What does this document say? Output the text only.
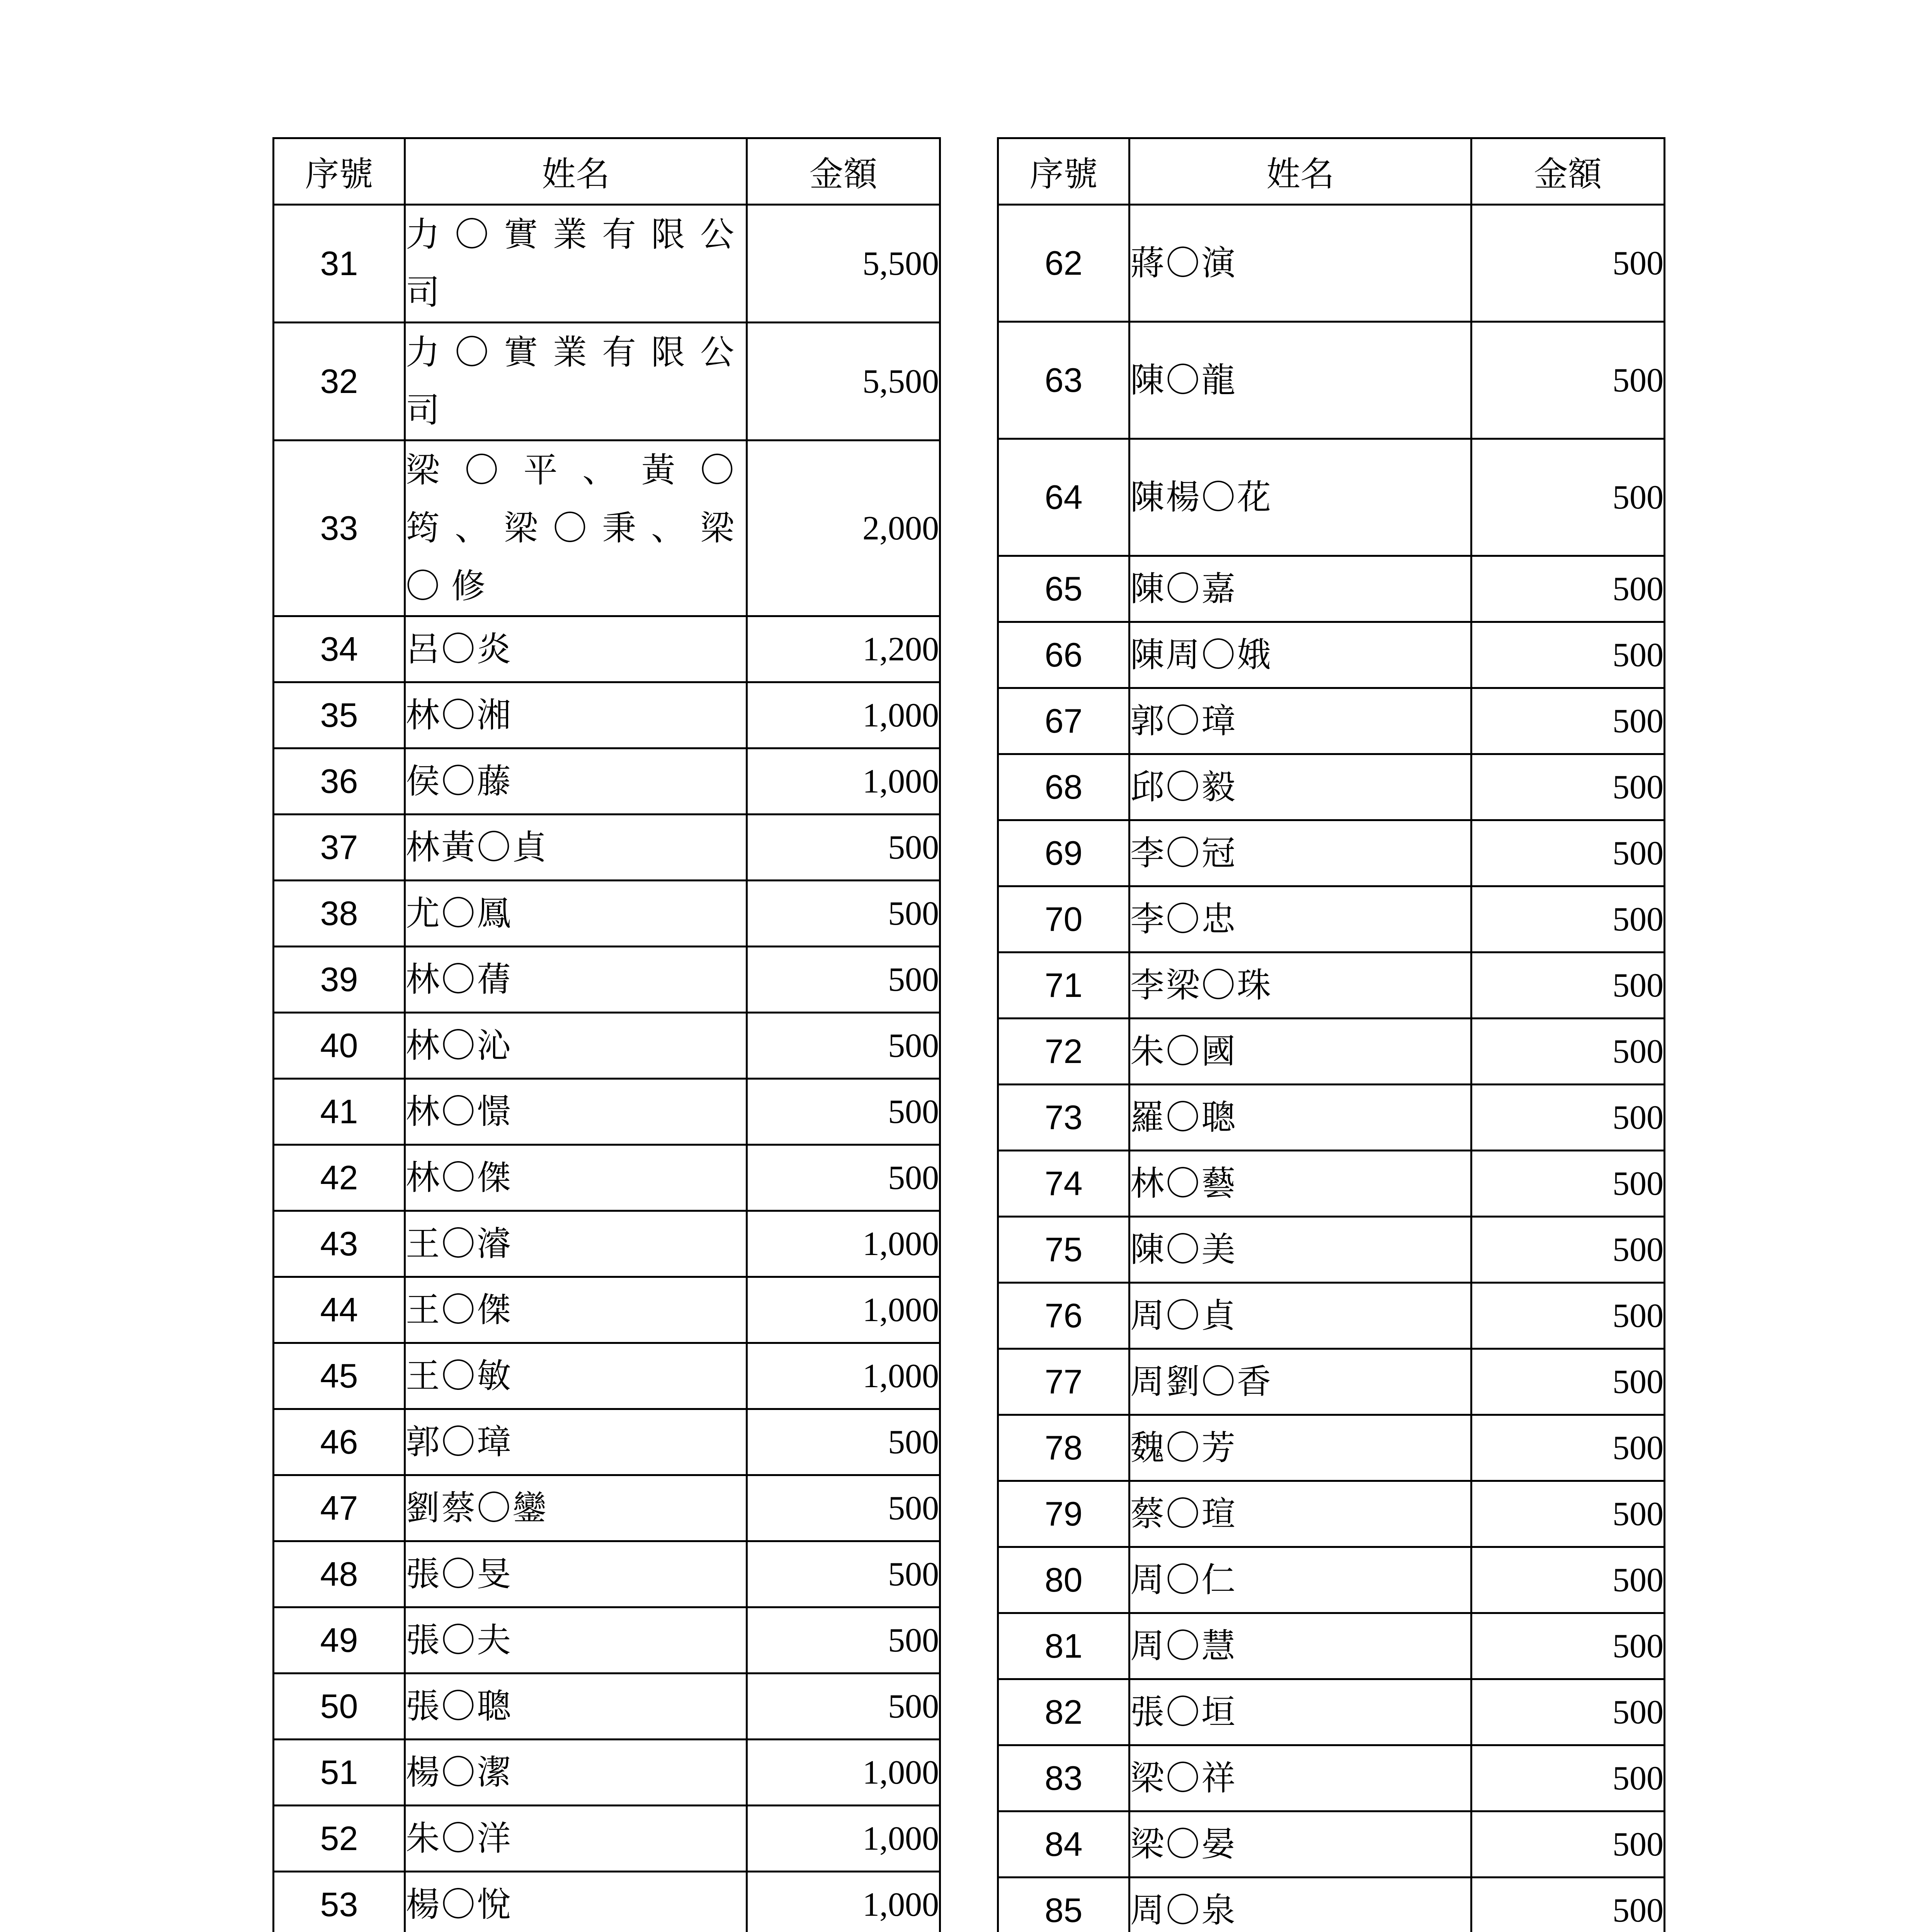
序號	姓名	金額
31	力〇實業有限公司	5,500
32	力〇實業有限公司	5,500
33	梁〇平、黃〇筠、梁〇秉、梁〇修	2,000
34	呂〇炎	1,200
35	林〇湘	1,000
36	侯〇藤	1,000
37	林黃〇貞	500
38	尤〇鳳	500
39	林〇蒨	500
40	林〇沁	500
41	林〇憬	500
42	林〇傑	500
43	王〇濬	1,000
44	王〇傑	1,000
45	王〇敏	1,000
46	郭〇璋	500
47	劉蔡〇鑾	500
48	張〇旻	500
49	張〇夫	500
50	張〇聰	500
51	楊〇潔	1,000
52	朱〇洋	1,000
53	楊〇悅	1,000

序號	姓名	金額
62	蔣〇演	500
63	陳〇龍	500
64	陳楊〇花	500
65	陳〇嘉	500
66	陳周〇娥	500
67	郭〇璋	500
68	邱〇毅	500
69	李〇冠	500
70	李〇忠	500
71	李梁〇珠	500
72	朱〇國	500
73	羅〇聰	500
74	林〇藝	500
75	陳〇美	500
76	周〇貞	500
77	周劉〇香	500
78	魏〇芳	500
79	蔡〇瑄	500
80	周〇仁	500
81	周〇慧	500
82	張〇垣	500
83	梁〇祥	500
84	梁〇晏	500
85	周〇泉	500
